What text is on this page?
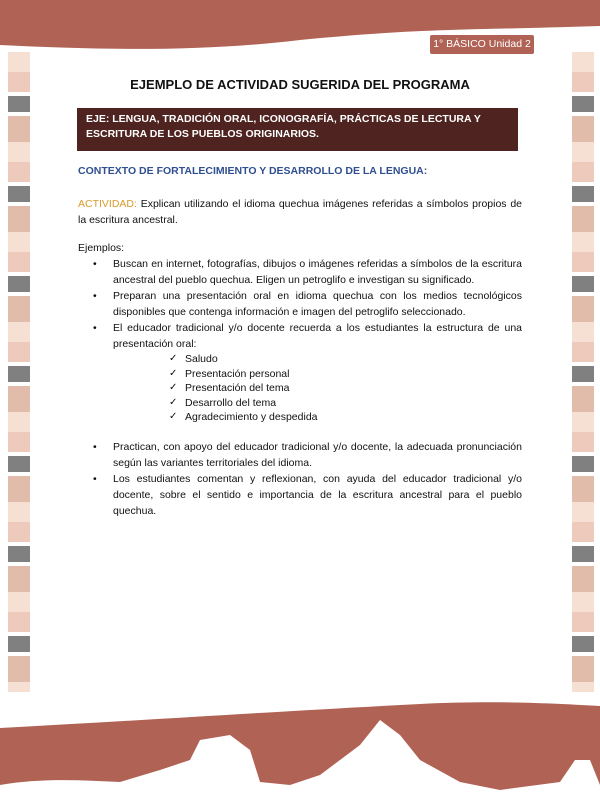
1° BÁSICO Unidad 2
EJEMPLO DE ACTIVIDAD SUGERIDA DEL PROGRAMA
EJE: LENGUA, TRADICIÓN ORAL, ICONOGRAFÍA, PRÁCTICAS DE LECTURA Y ESCRITURA DE LOS PUEBLOS ORIGINARIOS.
CONTEXTO DE FORTALECIMIENTO Y DESARROLLO DE LA LENGUA:

ACTIVIDAD: Explican utilizando el idioma quechua imágenes referidas a símbolos propios de la escritura ancestral.

Ejemplos:

• Buscan en internet, fotografías, dibujos o imágenes referidas a símbolos de la escritura ancestral del pueblo quechua. Eligen un petroglifo e investigan su significado.
• Preparan una presentación oral en idioma quechua con los medios tecnológicos disponibles que contenga información e imagen del petroglifo seleccionado.
• El educador tradicional y/o docente recuerda a los estudiantes la estructura de una presentación oral:
✓ Saludo
✓ Presentación personal
✓ Presentación del tema
✓ Desarrollo del tema
✓ Agradecimiento y despedida
• Practican, con apoyo del educador tradicional y/o docente, la adecuada pronunciación según las variantes territoriales del idioma.
• Los estudiantes comentan y reflexionan, con ayuda del educador tradicional y/o docente, sobre el sentido e importancia de la escritura ancestral para el pueblo quechua.
